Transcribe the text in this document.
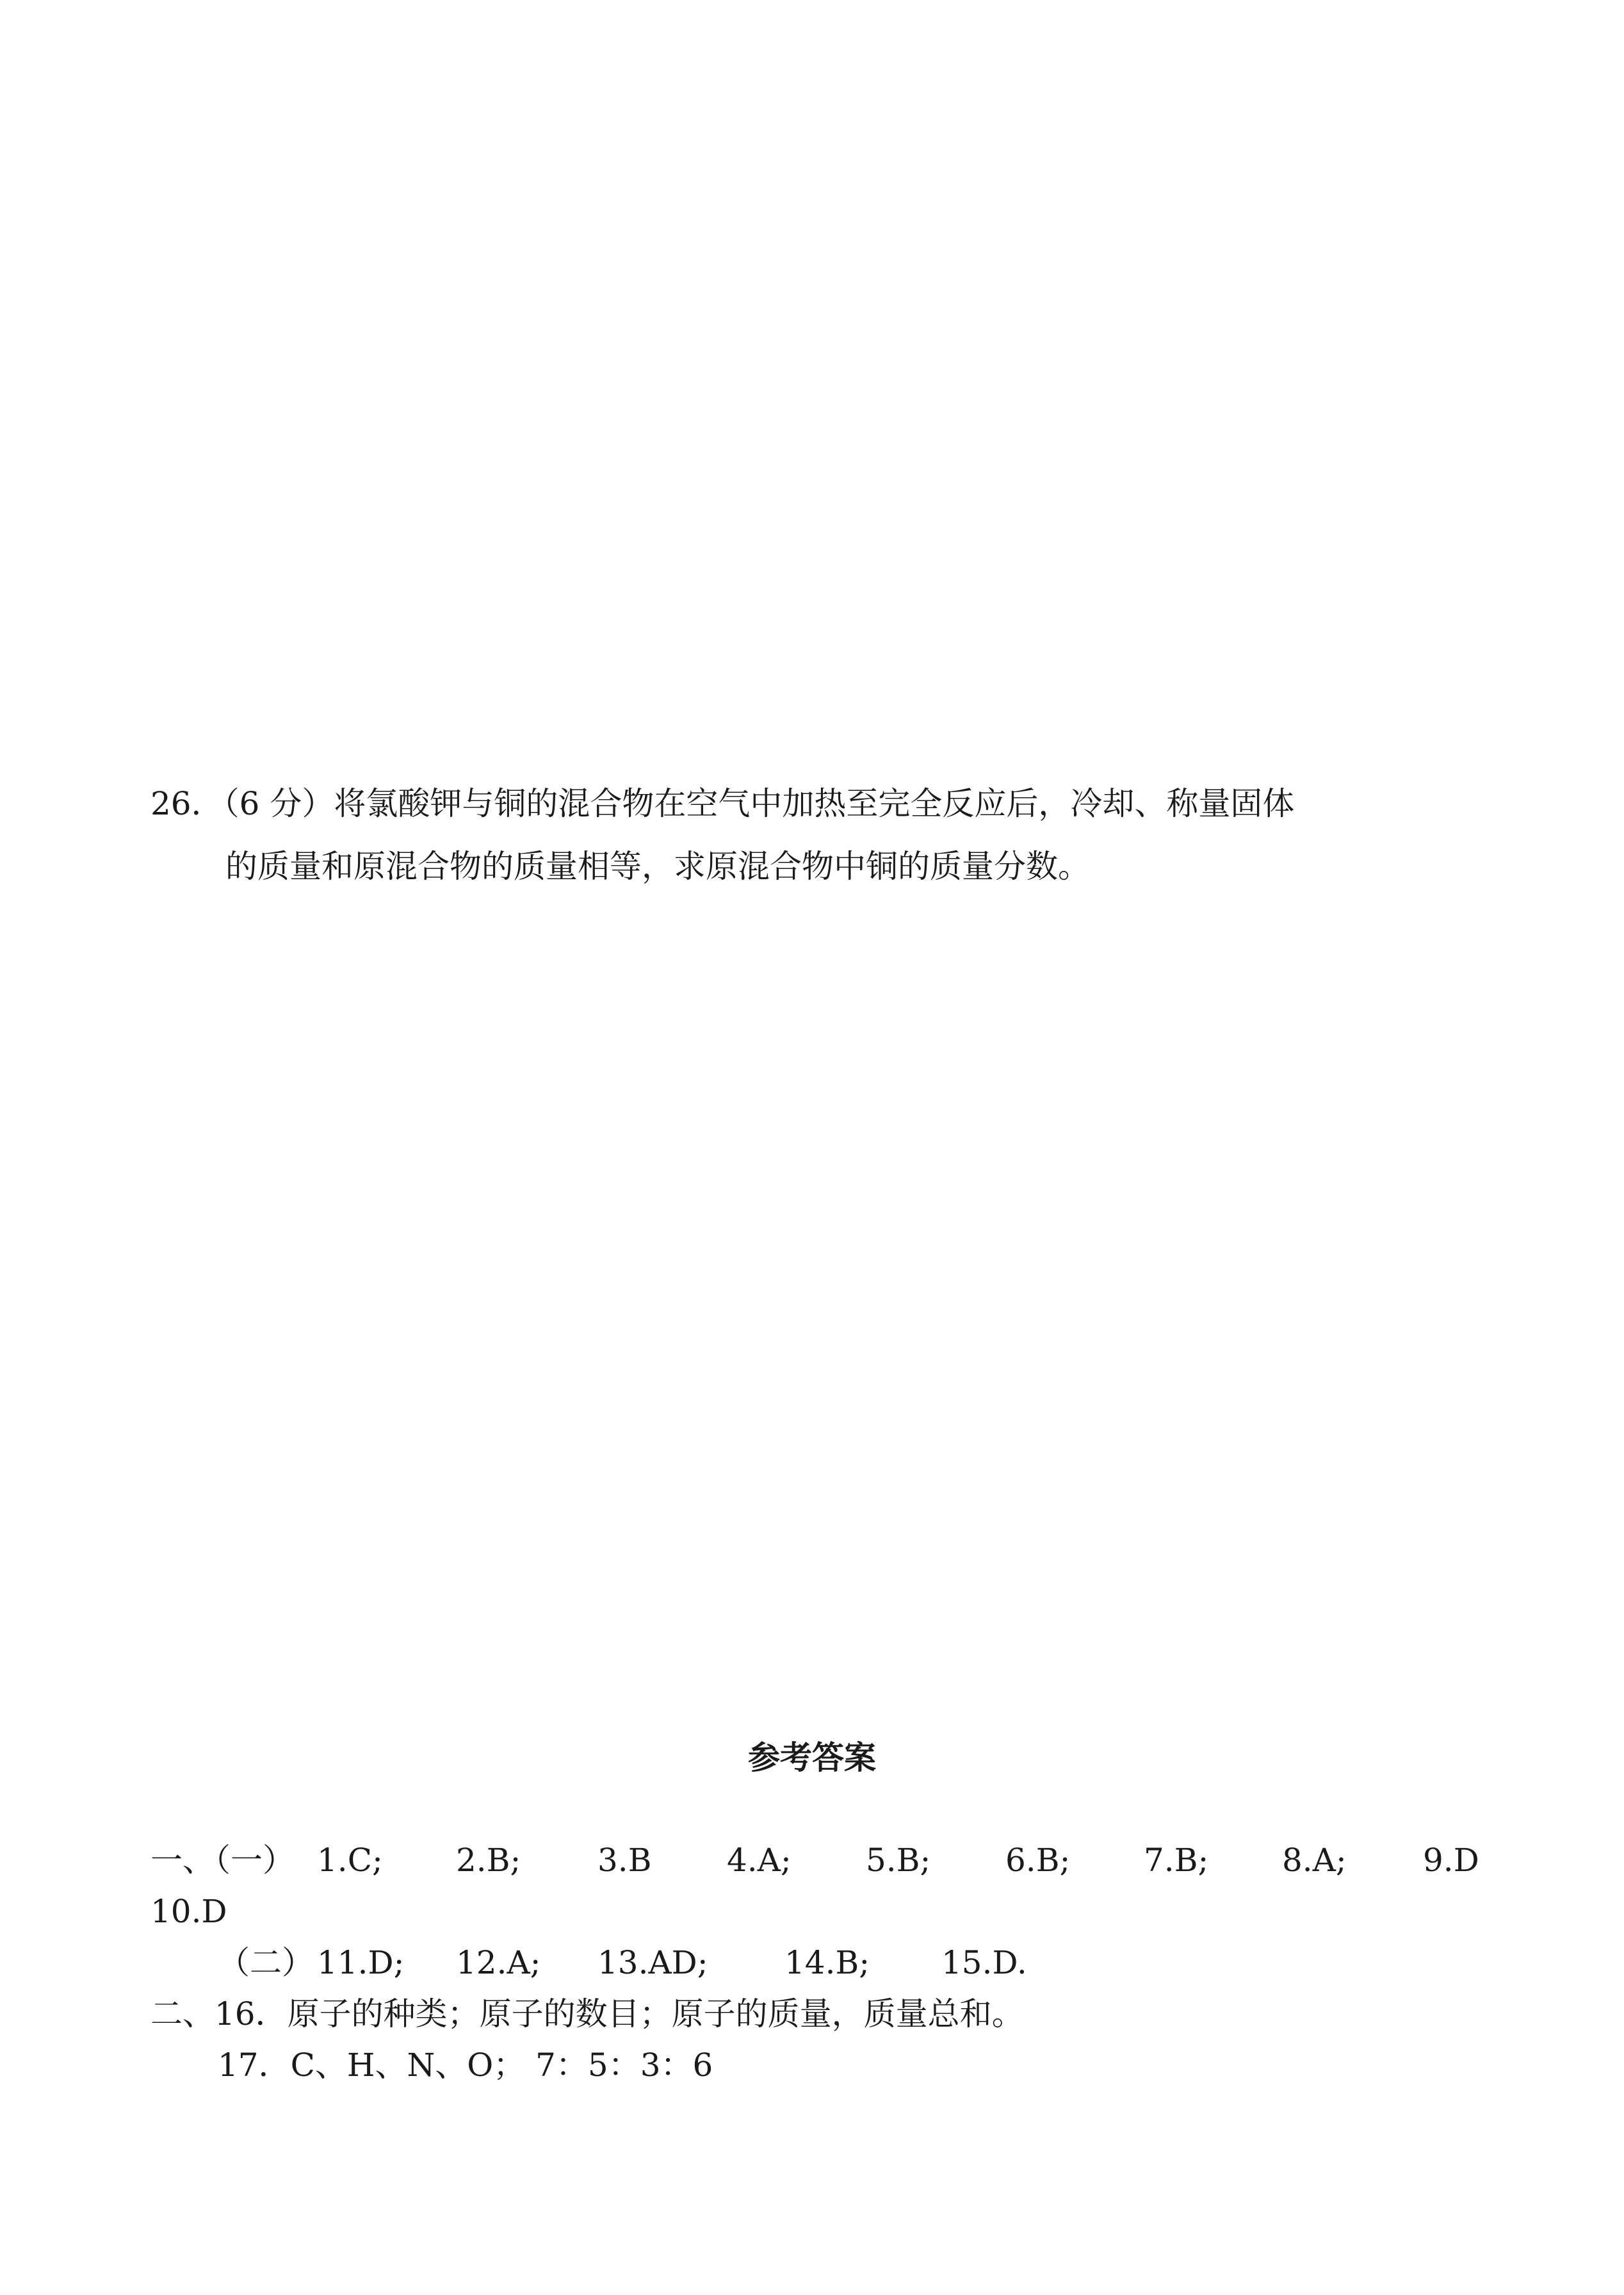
26．（6 分）将氯酸钾与铜的混合物在空气中加热至完全反应后，冷却、称量固体
的质量和原混合物的质量相等，求原混合物中铜的质量分数。
参考答案
一、（一） 1.C; 2.B; 3.B 4.A; 5.B; 6.B; 7.B; 8.A; 9.D
10.D
（二） 11.D; 12.A; 13.AD; 14.B; 15.D.
二、16．原子的种类；原子的数目；原子的质量，质量总和。
17．C、H、N、O； 7：5：3：6
